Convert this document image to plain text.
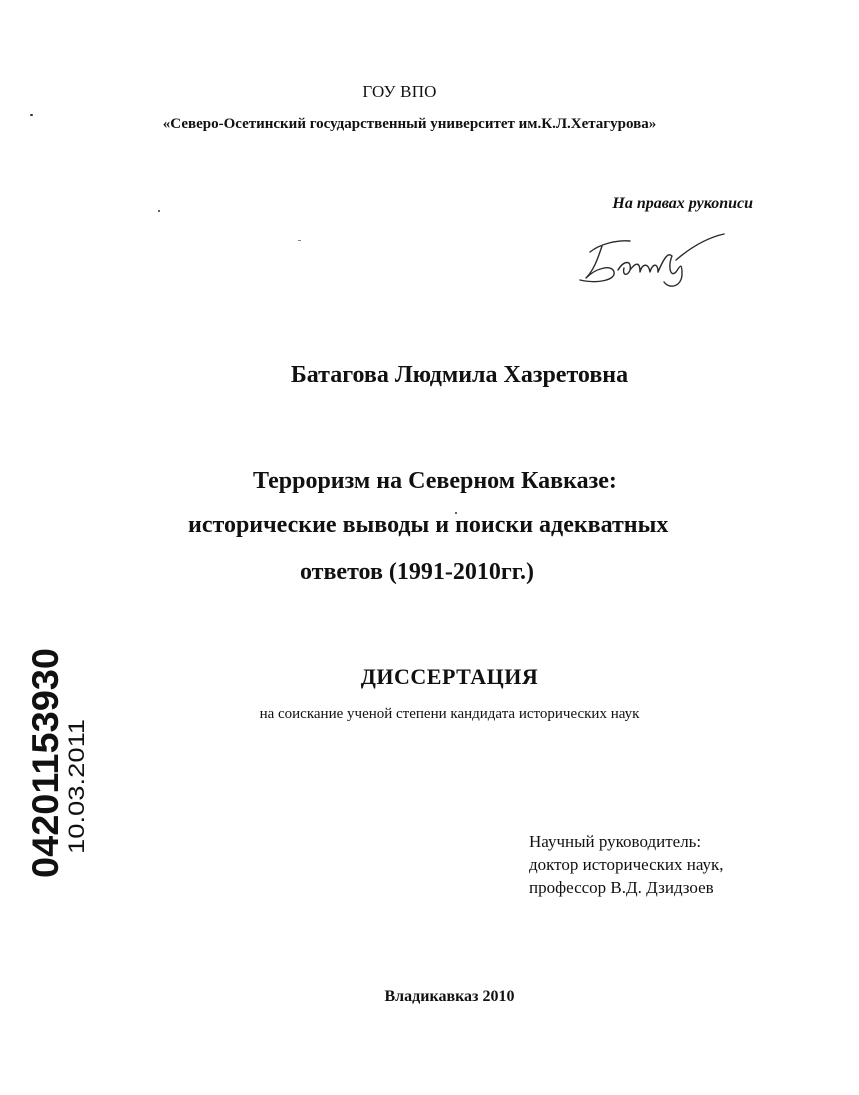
ГОУ ВПО
«Северо-Осетинский государственный университет им.К.Л.Хетагурова»
На правах рукописи
Батагова Людмила Хазретовна
Терроризм на Северном Кавказе:
исторические выводы и поиски адекватных
ответов (1991-2010гг.)
ДИССЕРТАЦИЯ
на соискание ученой степени кандидата исторических наук
Научный руководитель:
доктор исторических наук,
профессор В.Д. Дзидзоев
Владикавказ 2010
04201153930
10.03.2011
